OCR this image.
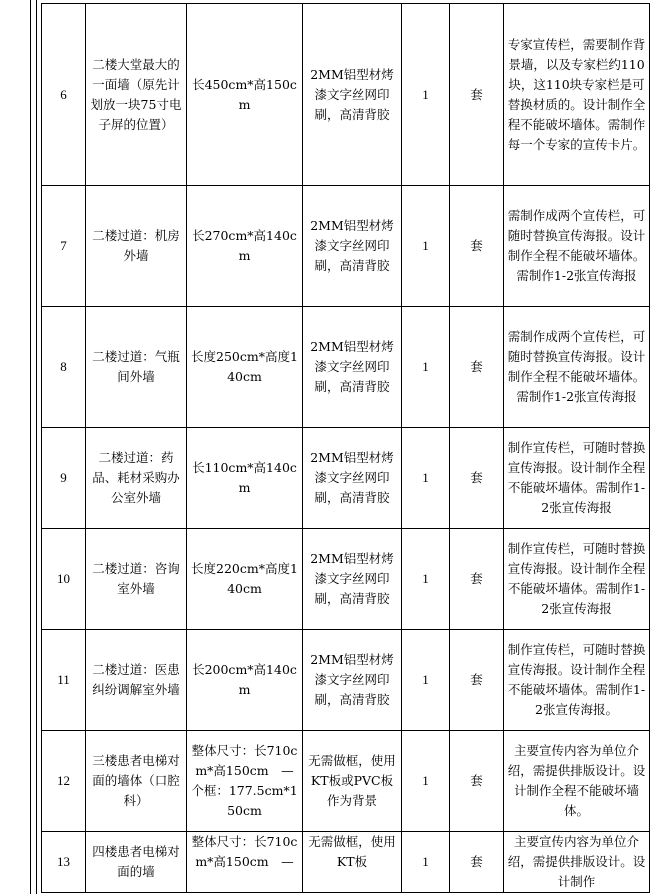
6	二楼大堂最大的一面墙（原先计划放一块75寸电子屏的位置）	长450cm*高150cm	2MM铝型材烤漆文字丝网印刷，高清背胶	1	套	专家宣传栏，需要制作背景墙，以及专家栏约110块，这110块专家栏是可替换材质的。设计制作全程不能破坏墙体。需制作每一个专家的宣传卡片。
7	二楼过道：机房外墙	长270cm*高140cm	2MM铝型材烤漆文字丝网印刷，高清背胶	1	套	需制作成两个宣传栏，可随时替换宣传海报。设计制作全程不能破坏墙体。需制作1-2张宣传海报
8	二楼过道：气瓶间外墙	长度250cm*高度140cm	2MM铝型材烤漆文字丝网印刷，高清背胶	1	套	需制作成两个宣传栏，可随时替换宣传海报。设计制作全程不能破坏墙体。需制作1-2张宣传海报
9	二楼过道：药品、耗材采购办公室外墙	长110cm*高140cm	2MM铝型材烤漆文字丝网印刷，高清背胶	1	套	制作宣传栏，可随时替换宣传海报。设计制作全程不能破坏墙体。需制作1-2张宣传海报
10	二楼过道：咨询室外墙	长度220cm*高度140cm	2MM铝型材烤漆文字丝网印刷，高清背胶	1	套	制作宣传栏，可随时替换宣传海报。设计制作全程不能破坏墙体。需制作1-2张宣传海报
11	二楼过道：医患纠纷调解室外墙	长200cm*高140cm	2MM铝型材烤漆文字丝网印刷，高清背胶	1	套	制作宣传栏，可随时替换宣传海报。设计制作全程不能破坏墙体。需制作1-2张宣传海报。
12	三楼患者电梯对面的墙体（口腔科）	整体尺寸：长710cm*高150cm　—个框：177.5cm*150cm	无需做框，使用KT板或PVC板作为背景	1	套	主要宣传内容为单位介绍，需提供排版设计。设计制作全程不能破坏墙体。
13	四楼患者电梯对面的墙	整体尺寸：长710cm*高150cm　—	无需做框，使用KT板	1	套	主要宣传内容为单位介绍，需提供排版设计。设计制作
